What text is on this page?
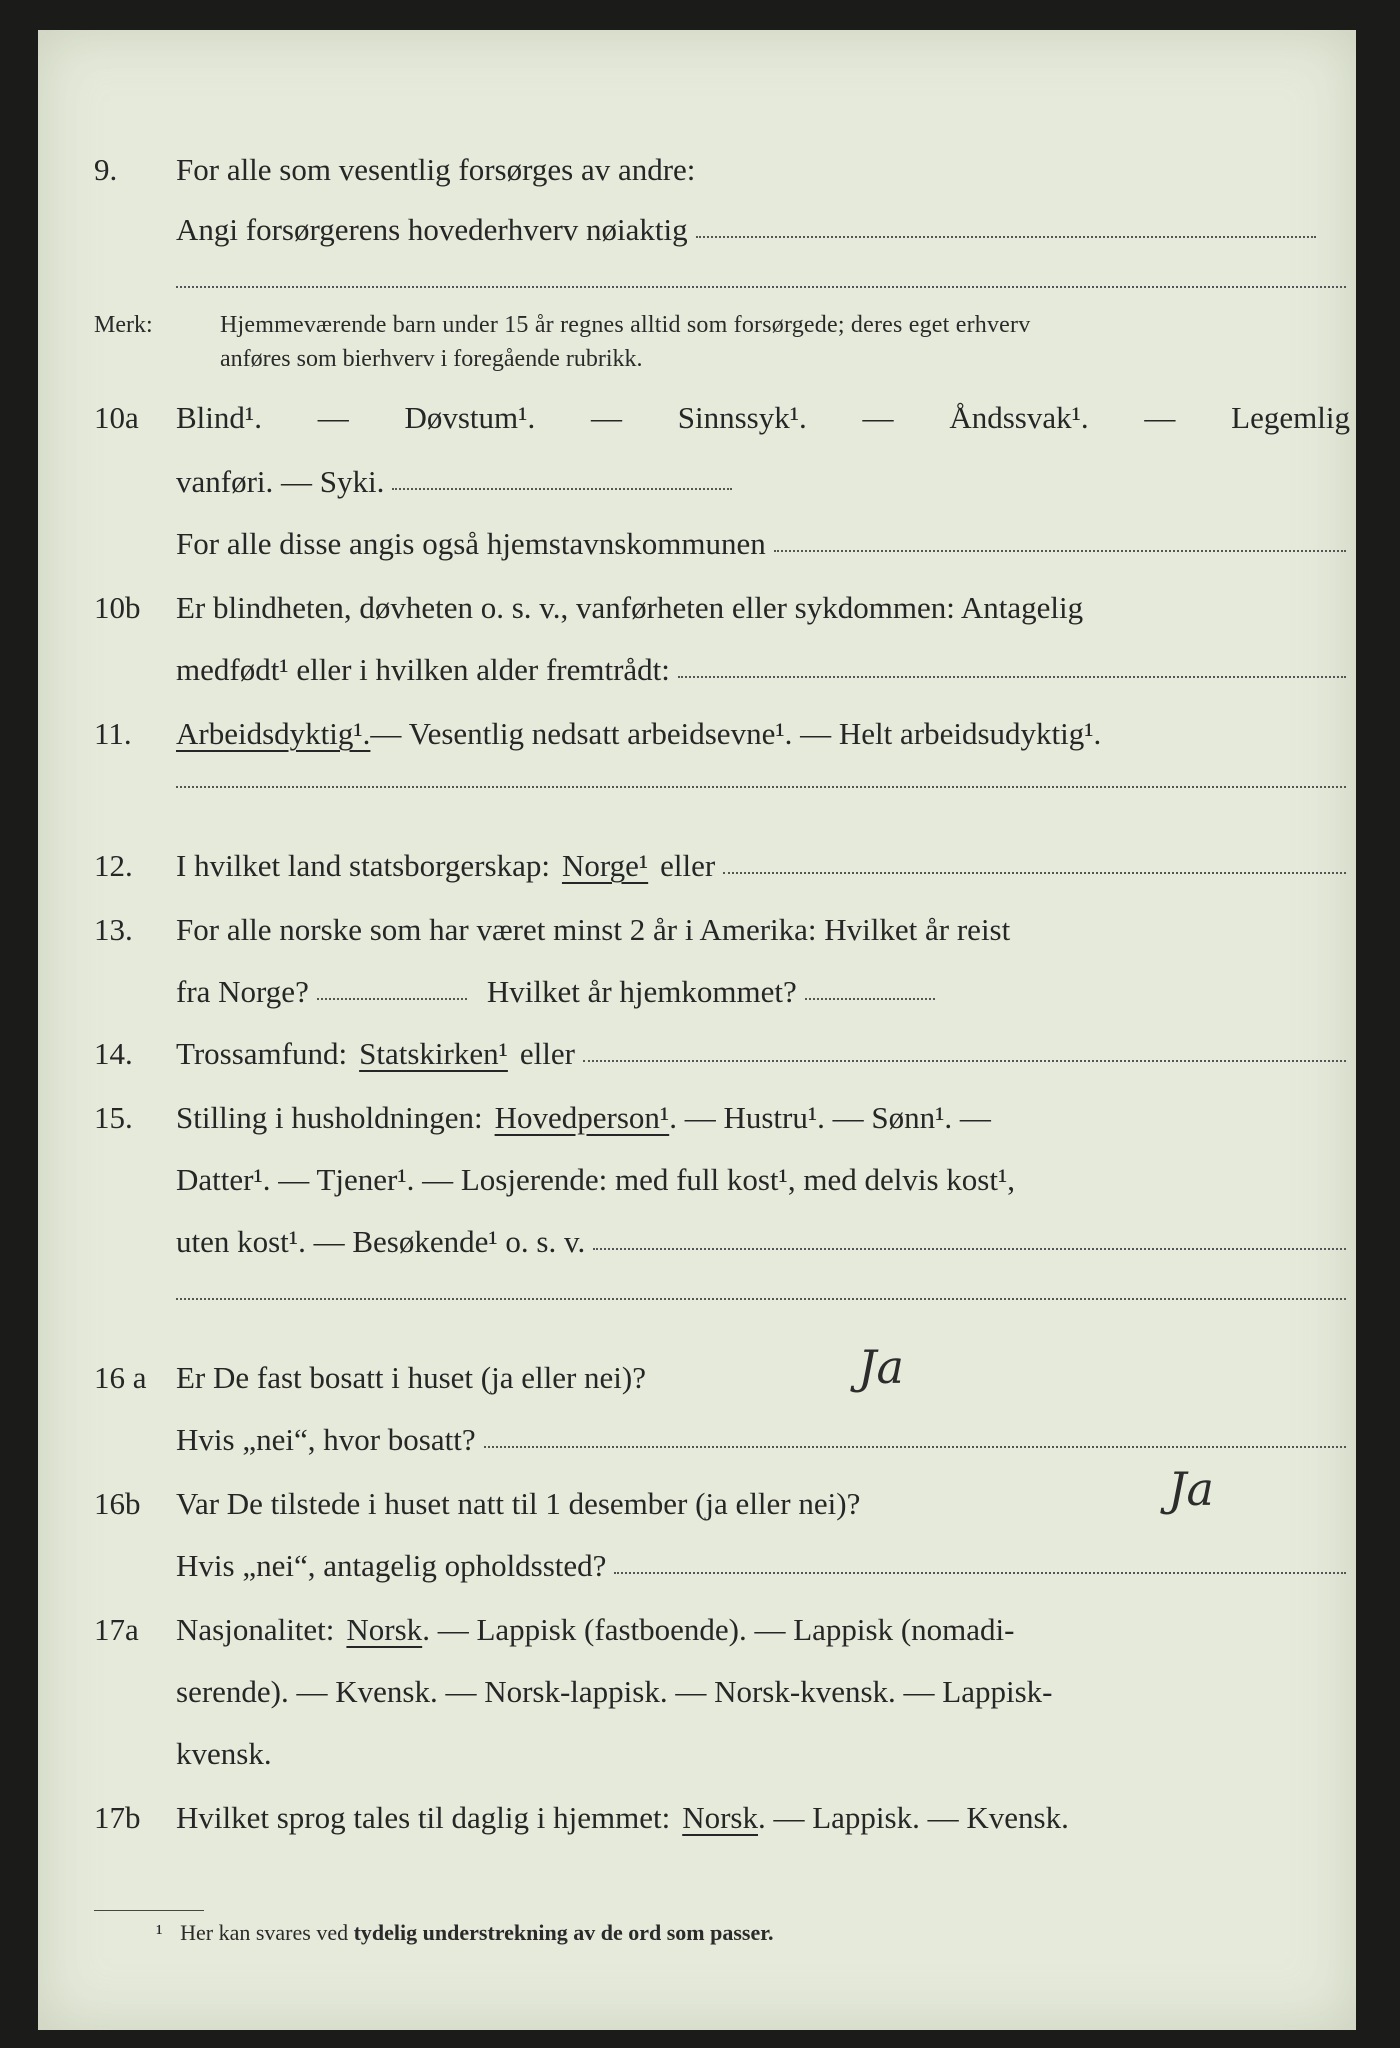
9. For alle som vesentlig forsørges av andre:
Angi forsørgerens hovederhverv nøiaktig
Merk:	Hjemmeværende barn under 15 år regnes alltid som forsørgede; deres eget erhverv
anføres som bierhverv i foregående rubrikk.
10a Blind¹. — Døvstum¹. — Sinnssyk¹. — Åndssvak¹. — Legemlig
vanføri. — Syki.
For alle disse angis også hjemstavnskommunen
10b Er blindheten, døvheten o. s. v., vanførheten eller sykdommen: Antagelig
medfødt¹ eller i hvilken alder fremtrådt:
11. Arbeidsdyktig¹. — Vesentlig nedsatt arbeidsevne¹. — Helt arbeidsudyktig¹.
12. I hvilket land statsborgerskap: Norge¹ eller
13. For alle norske som har været minst 2 år i Amerika: Hvilket år reist
fra Norge?	Hvilket år hjemkommet?
14. Trossamfund: Statskirken¹ eller
15. Stilling i husholdningen: Hovedperson¹ . — Hustru¹. — Sønn¹. —
Datter¹. — Tjener¹. — Losjerende: med full kost¹, med delvis kost¹,
uten kost¹. — Besøkende¹ o. s. v.
16 a Er De fast bosatt i huset (ja eller nei)?	Ja
Hvis „nei“, hvor bosatt?
16b Var De tilstede i huset natt til 1 desember (ja eller nei)?	Ja
Hvis „nei“, antagelig opholdssted?
17a Nasjonalitet: Norsk . — Lappisk (fastboende). — Lappisk (nomadi-
serende). — Kvensk. — Norsk-lappisk. — Norsk-kvensk. — Lappisk-
kvensk.
17b Hvilket sprog tales til daglig i hjemmet: Norsk . — Lappisk. — Kvensk.
¹ Her kan svares ved tydelig understrekning av de ord som passer.
